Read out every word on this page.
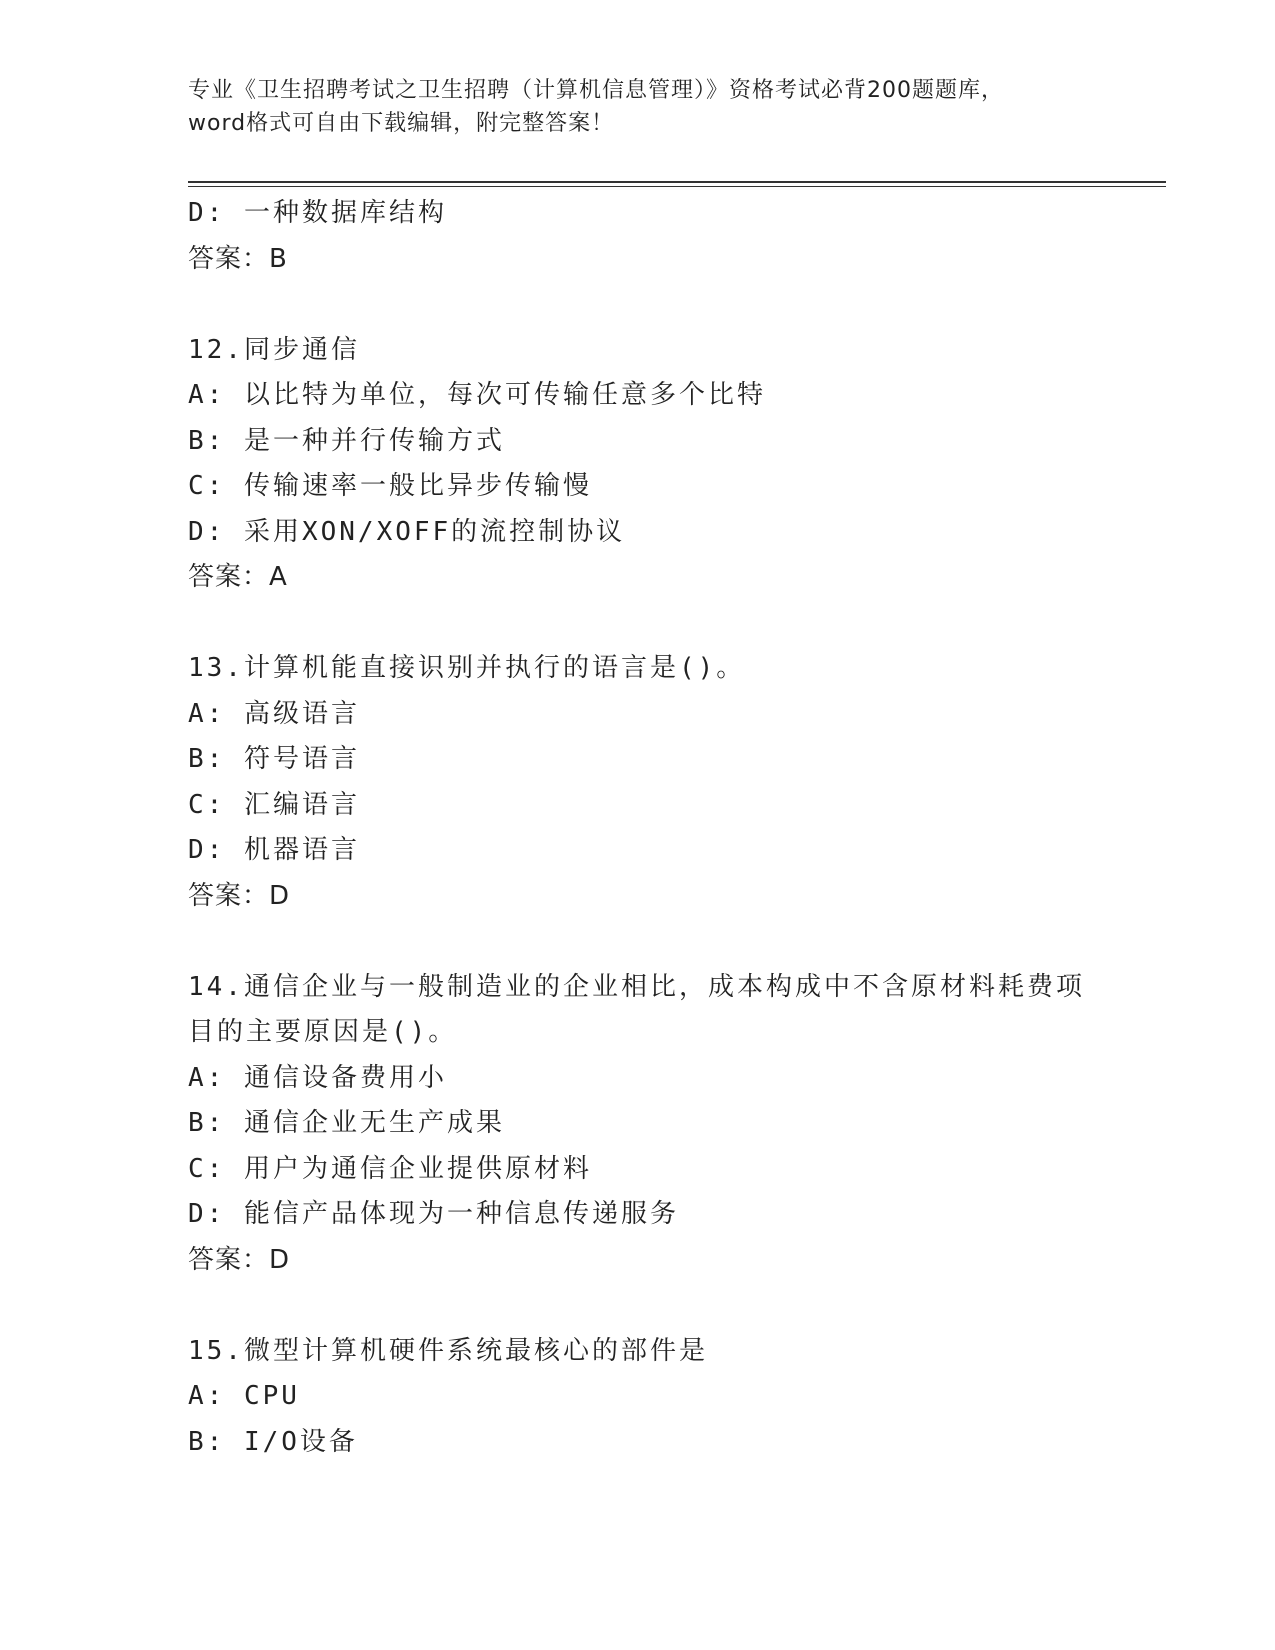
专业《卫生招聘考试之卫生招聘（计算机信息管理）》资格考试必背200题题库，
word格式可自由下载编辑，附完整答案！
D: 一种数据库结构
答案：B
12.同步通信
A: 以比特为单位，每次可传输任意多个比特
B: 是一种并行传输方式
C: 传输速率一般比异步传输慢
D: 采用XON/XOFF的流控制协议
答案：A
13.计算机能直接识别并执行的语言是()。
A: 高级语言
B: 符号语言
C: 汇编语言
D: 机器语言
答案：D
14.通信企业与一般制造业的企业相比，成本构成中不含原材料耗费项
目的主要原因是()。
A: 通信设备费用小
B: 通信企业无生产成果
C: 用户为通信企业提供原材料
D: 能信产品体现为一种信息传递服务
答案：D
15.微型计算机硬件系统最核心的部件是
A: CPU
B: I/O设备
